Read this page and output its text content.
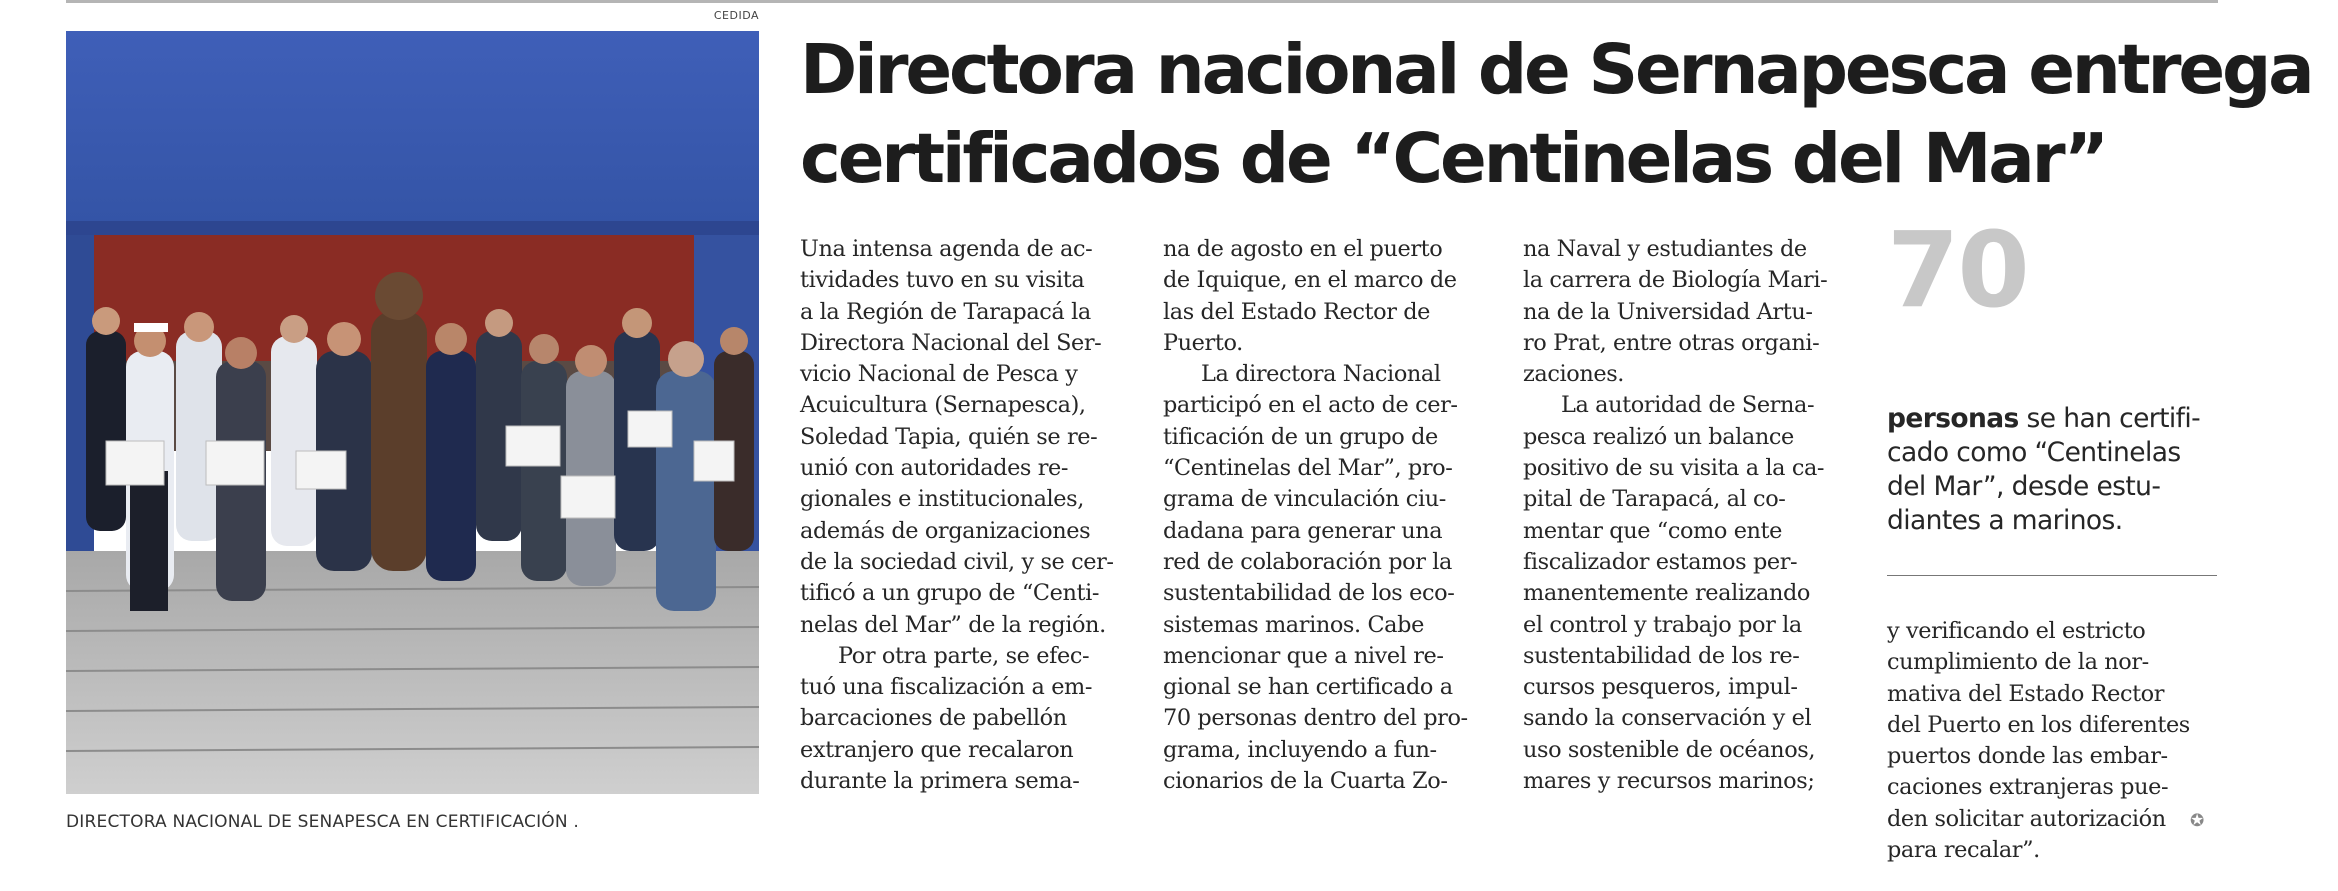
CEDIDA
DIRECTORA NACIONAL DE SENAPESCA EN CERTIFICACIÓN .
Directora nacional de Sernapesca entrega
certificados de “Centinelas del Mar”
Una intensa agenda de ac-
tividades tuvo en su visita
a la Región de Tarapacá la
Directora Nacional del Ser-
vicio Nacional de Pesca y
Acuicultura (Sernapesca),
Soledad Tapia, quién se re-
unió con autoridades re-
gionales e institucionales,
además de organizaciones
de la sociedad civil, y se cer-
tificó a un grupo de “Centi-
nelas del Mar” de la región.
Por otra parte, se efec-
tuó una fiscalización a em-
barcaciones de pabellón
extranjero que recalaron
durante la primera sema-
na de agosto en el puerto
de Iquique, en el marco de
las del Estado Rector de
Puerto.
La directora Nacional
participó en el acto de cer-
tificación de un grupo de
“Centinelas del Mar”, pro-
grama de vinculación ciu-
dadana para generar una
red de colaboración por la
sustentabilidad de los eco-
sistemas marinos. Cabe
mencionar que a nivel re-
gional se han certificado a
70 personas dentro del pro-
grama, incluyendo a fun-
cionarios de la Cuarta Zo-
na Naval y estudiantes de
la carrera de Biología Mari-
na de la Universidad Artu-
ro Prat, entre otras organi-
zaciones.
La autoridad de Serna-
pesca realizó un balance
positivo de su visita a la ca-
pital de Tarapacá, al co-
mentar que “como ente
fiscalizador estamos per-
manentemente realizando
el control y trabajo por la
sustentabilidad de los re-
cursos pesqueros, impul-
sando la conservación y el
uso sostenible de océanos,
mares y recursos marinos;
70
personas se han certifi-
cado como “Centinelas
del Mar”, desde estu-
diantes a marinos.
y verificando el estricto
cumplimiento de la nor-
mativa del Estado Rector
del Puerto en los diferentes
puertos donde las embar-
caciones extranjeras pue-
den solicitar autorización
para recalar”.
✪
